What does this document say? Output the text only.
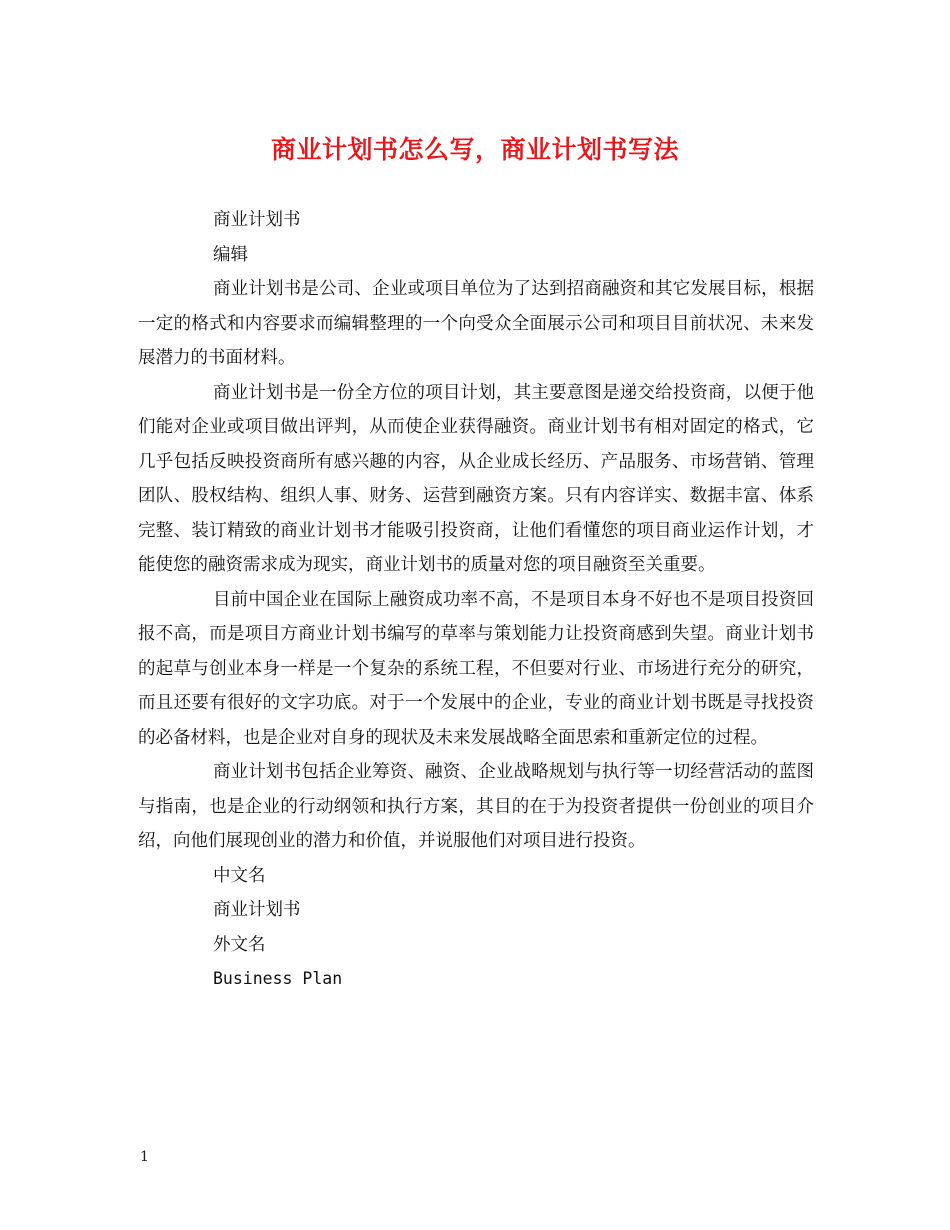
商业计划书怎么写，商业计划书写法

商业计划书

编辑

商业计划书是公司、企业或项目单位为了达到招商融资和其它发展目标，根据一定的格式和内容要求而编辑整理的一个向受众全面展示公司和项目目前状况、未来发展潜力的书面材料。

商业计划书是一份全方位的项目计划，其主要意图是递交给投资商，以便于他们能对企业或项目做出评判，从而使企业获得融资。商业计划书有相对固定的格式，它几乎包括反映投资商所有感兴趣的内容，从企业成长经历、产品服务、市场营销、管理团队、股权结构、组织人事、财务、运营到融资方案。只有内容详实、数据丰富、体系完整、装订精致的商业计划书才能吸引投资商，让他们看懂您的项目商业运作计划，才能使您的融资需求成为现实，商业计划书的质量对您的项目融资至关重要。

目前中国企业在国际上融资成功率不高，不是项目本身不好也不是项目投资回报不高，而是项目方商业计划书编写的草率与策划能力让投资商感到失望。商业计划书的起草与创业本身一样是一个复杂的系统工程，不但要对行业、市场进行充分的研究，而且还要有很好的文字功底。对于一个发展中的企业，专业的商业计划书既是寻找投资的必备材料，也是企业对自身的现状及未来发展战略全面思索和重新定位的过程。

商业计划书包括企业筹资、融资、企业战略规划与执行等一切经营活动的蓝图与指南，也是企业的行动纲领和执行方案，其目的在于为投资者提供一份创业的项目介绍，向他们展现创业的潜力和价值，并说服他们对项目进行投资。

中文名

商业计划书

外文名

Business Plan

1
